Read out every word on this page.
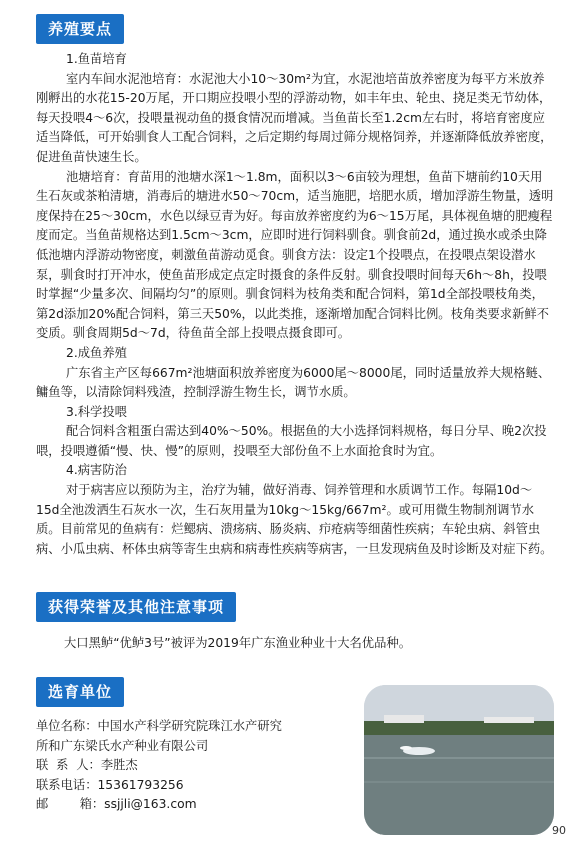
养殖要点

1.鱼苗培育

室内车间水泥池培育：水泥池大小10～30m²为宜，水泥池培苗放养密度为每平方米放养刚孵出的水花15-20万尾，开口期应投喂小型的浮游动物，如丰年虫、轮虫、挠足类无节幼体，每天投喂4～6次，投喂量视动鱼的摄食情况而增减。当鱼苗长至1.2cm左右时，将培育密度应适当降低，可开始驯食人工配合饲料，之后定期约每周过筛分规格饲养，并逐渐降低放养密度，促进鱼苗快速生长。

池塘培育：育苗用的池塘水深1～1.8m，面积以3～6亩较为理想，鱼苗下塘前约10天用生石灰或茶粕清塘，消毒后的塘进水50～70cm，适当施肥，培肥水质，增加浮游生物量，透明度保持在25～30cm，水色以绿豆青为好。每亩放养密度约为6～15万尾，具体视鱼塘的肥瘦程度而定。当鱼苗规格达到1.5cm～3cm，应即时进行饲料驯食。驯食前2d，通过换水或杀虫降低池塘内浮游动物密度，刺激鱼苗游动觅食。驯食方法：设定1个投喂点，在投喂点架设潜水泵，驯食时打开冲水，使鱼苗形成定点定时摄食的条件反射。驯食投喂时间每天6h～8h，投喂时掌握“少量多次、间隔均匀”的原则。驯食饲料为枝角类和配合饲料，第1d全部投喂枝角类，第2d添加20%配合饲料，第三天50%，以此类推，逐渐增加配合饲料比例。枝角类要求新鲜不变质。驯食周期5d～7d，待鱼苗全部上投喂点摄食即可。

2.成鱼养殖

广东省主产区每667m²池塘面积放养密度为6000尾～8000尾，同时适量放养大规格鲢、鳙鱼等，以清除饲料残渣，控制浮游生物生长，调节水质。

3.科学投喂

配合饲料含粗蛋白需达到40%～50%。根据鱼的大小选择饲料规格，每日分早、晚2次投喂，投喂遵循“慢、快、慢”的原则，投喂至大部份鱼不上水面抢食时为宜。

4.病害防治

对于病害应以预防为主，治疗为辅，做好消毒、饲养管理和水质调节工作。每隔10d～15d全池泼洒生石灰水一次，生石灰用量为10kg～15kg/667m²。或可用微生物制剂调节水质。目前常见的鱼病有：烂鳃病、溃疡病、肠炎病、疖疮病等细菌性疾病；车轮虫病、斜管虫病、小瓜虫病、杯体虫病等寄生虫病和病毒性疾病等病害，一旦发现病鱼及时诊断及对症下药。

获得荣誉及其他注意事项
大口黑鲈“优鲈3号”被评为2019年广东渔业种业十大名优品种。
选育单位

单位名称：中国水产科学研究院珠江水产研究

所和广东梁氏水产种业有限公司

联  系  人：李胜杰

联系电话：15361793256

邮        箱：ssjjli@163.com

90
